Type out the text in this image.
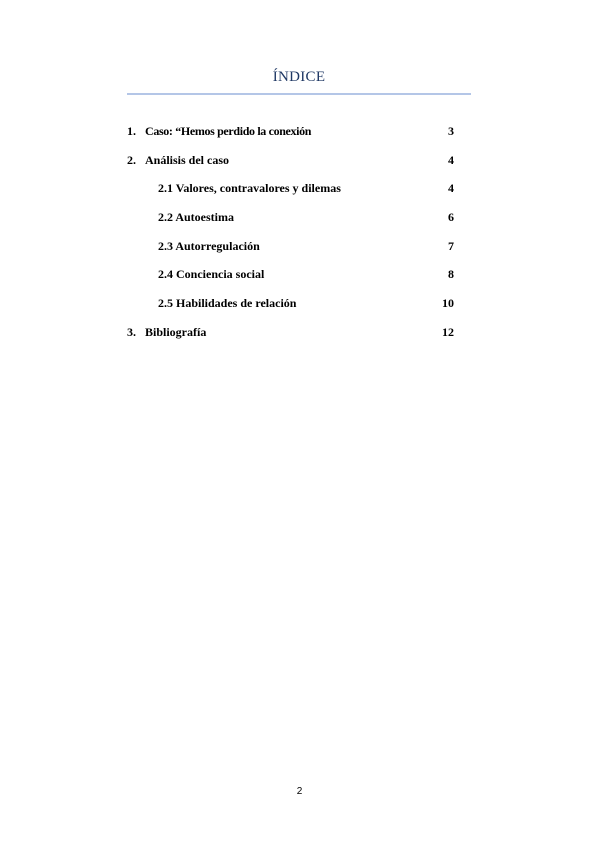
ÍNDICE
1. Caso: “Hemos perdido la conexión	3
2. Análisis del caso	4
2.1 Valores, contravalores y dilemas	4
2.2 Autoestima	6
2.3 Autorregulación	7
2.4 Conciencia social	8
2.5 Habilidades de relación	10
3. Bibliografía	12
2
